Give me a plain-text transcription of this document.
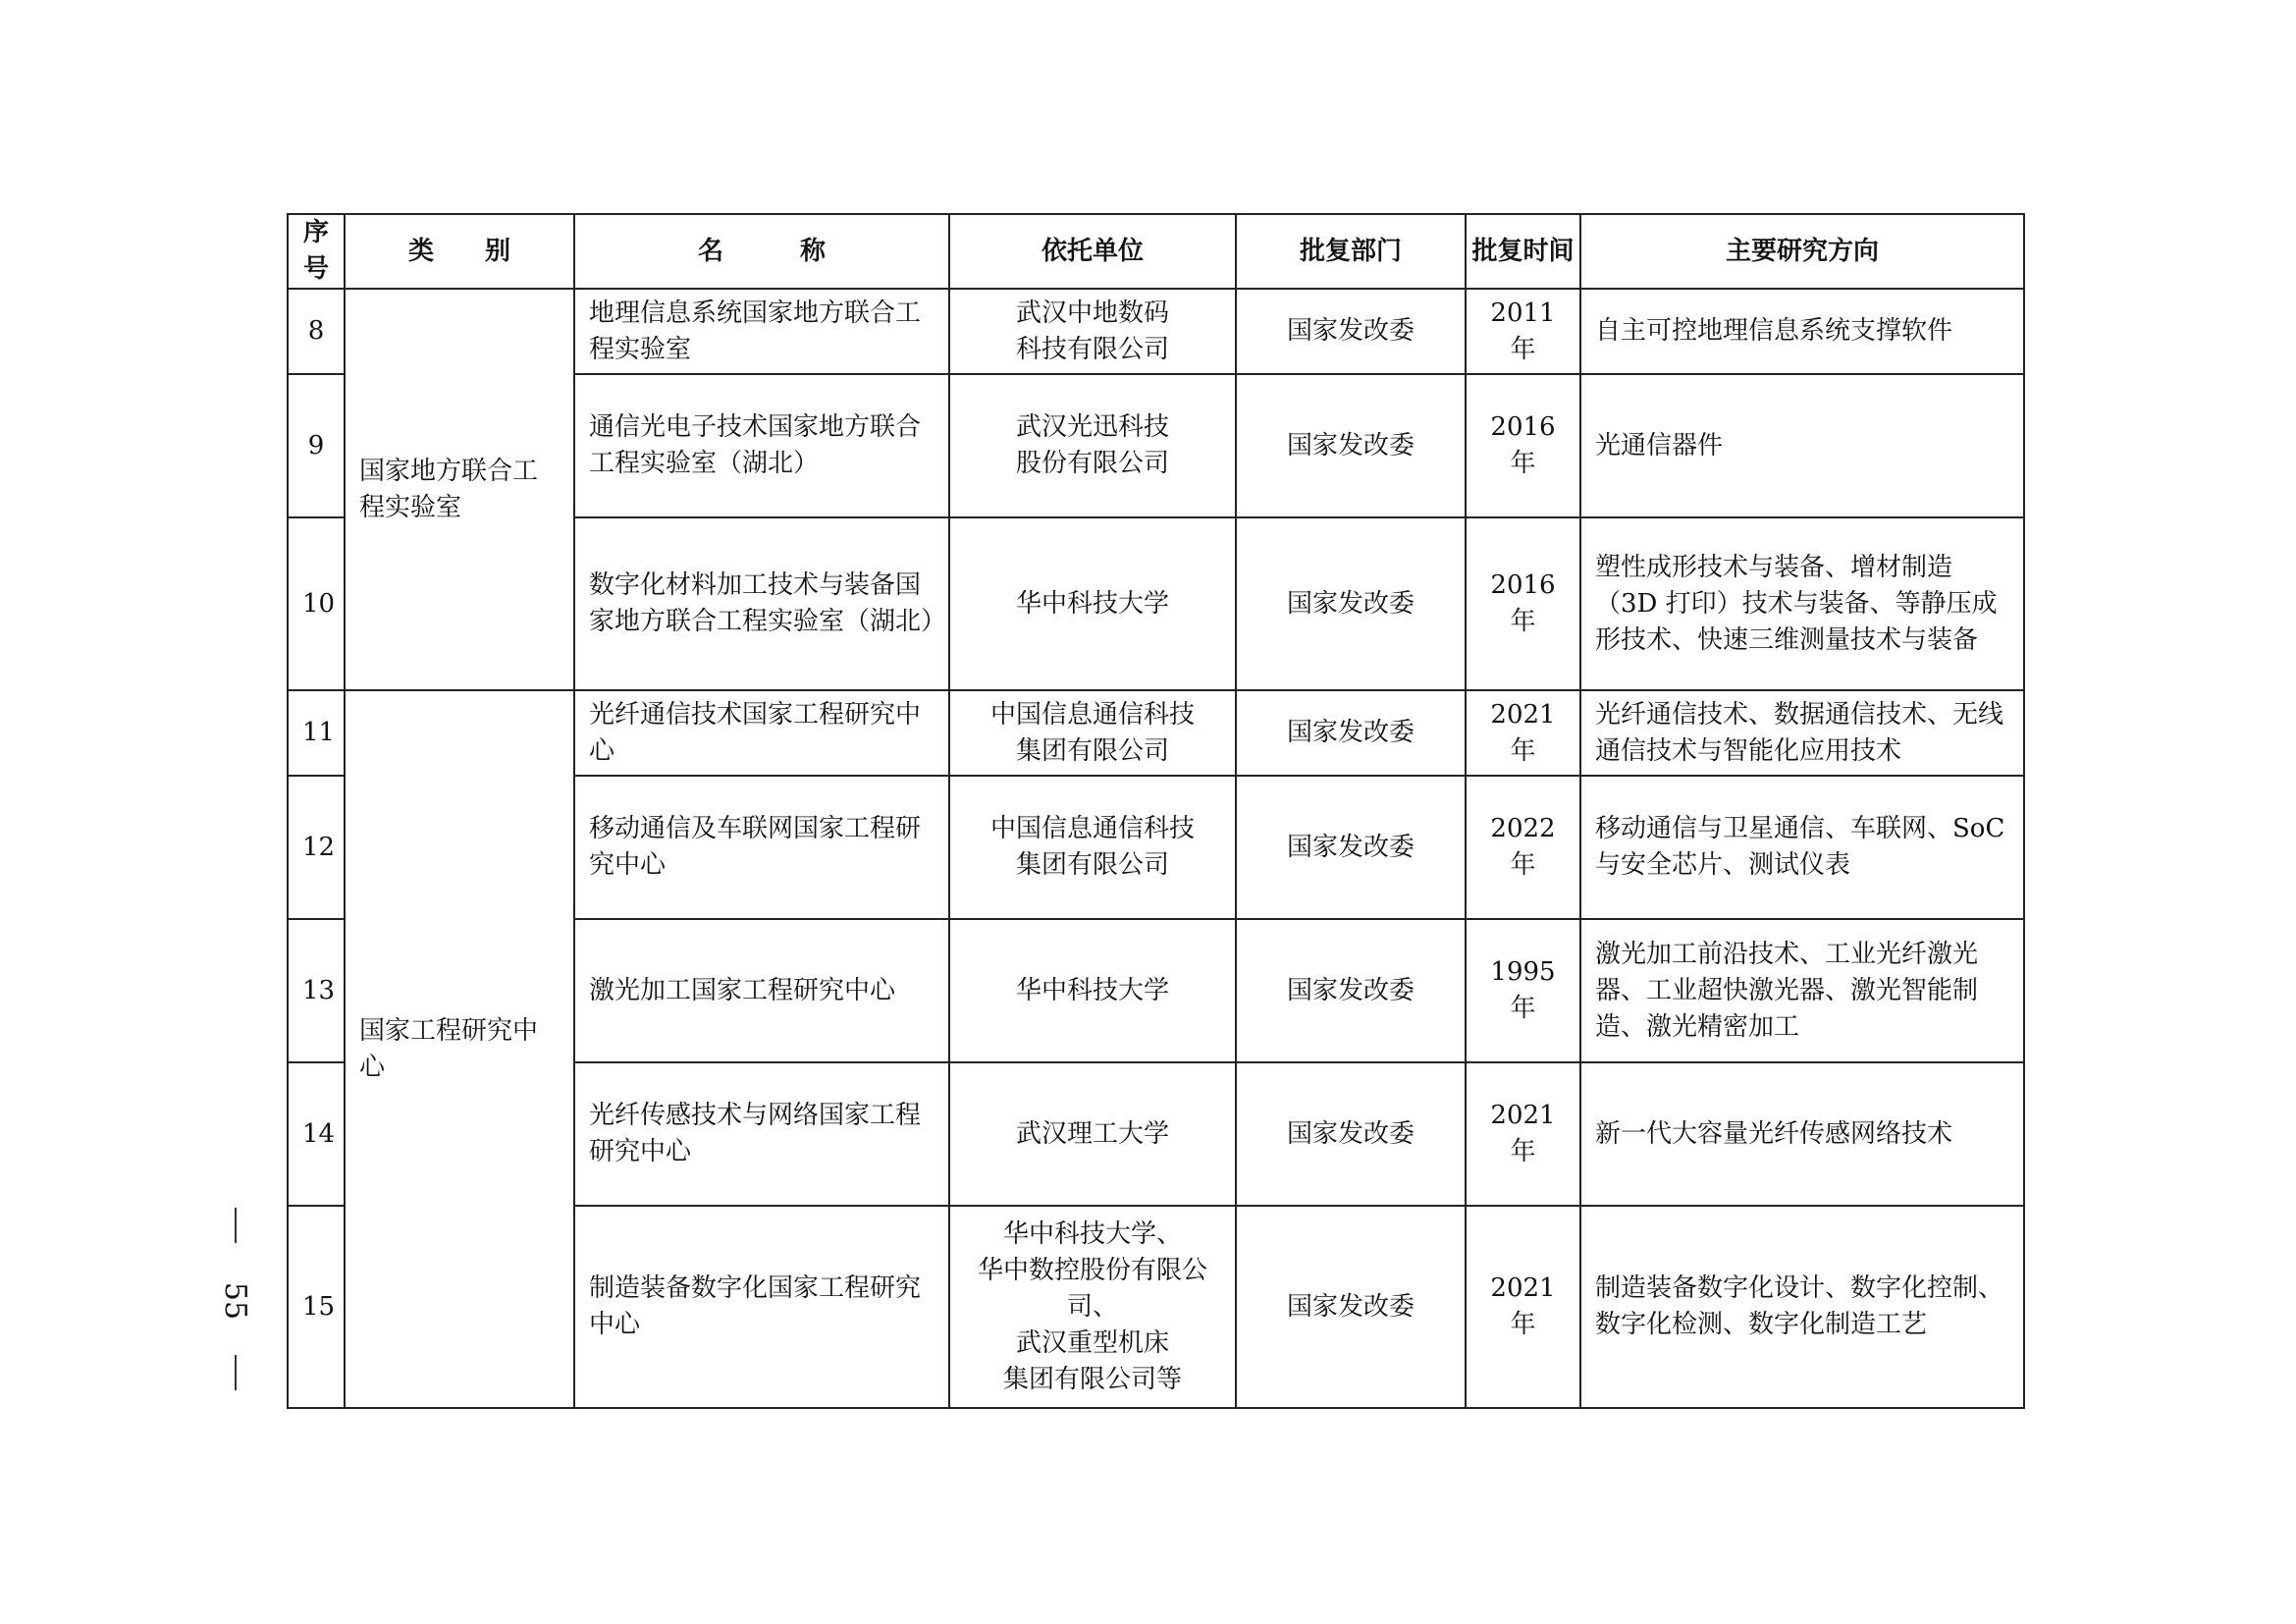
55
序号	类　　别	名　　　称	依托单位	批复部门	批复时间	主要研究方向
8	国家地方联合工程实验室	地理信息系统国家地方联合工程实验室	武汉中地数码
科技有限公司	国家发改委	2011 年	自主可控地理信息系统支撑软件
9		通信光电子技术国家地方联合工程实验室（湖北）	武汉光迅科技
股份有限公司	国家发改委	2016 年	光通信器件
10		数字化材料加工技术与装备国家地方联合工程实验室（湖北）	华中科技大学	国家发改委	2016 年	塑性成形技术与装备、增材制造（3D 打印）技术与装备、等静压成形技术、快速三维测量技术与装备
11	国家工程研究中心	光纤通信技术国家工程研究中心	中国信息通信科技
集团有限公司	国家发改委	2021 年	光纤通信技术、数据通信技术、无线通信技术与智能化应用技术
12		移动通信及车联网国家工程研究中心	中国信息通信科技
集团有限公司	国家发改委	2022 年	移动通信与卫星通信、车联网、SoC 与安全芯片、测试仪表
13		激光加工国家工程研究中心	华中科技大学	国家发改委	1995 年	激光加工前沿技术、工业光纤激光器、工业超快激光器、激光智能制造、激光精密加工
14		光纤传感技术与网络国家工程研究中心	武汉理工大学	国家发改委	2021 年	新一代大容量光纤传感网络技术
15		制造装备数字化国家工程研究中心	华中科技大学、
华中数控股份有限公司、
武汉重型机床
集团有限公司等	国家发改委	2021 年	制造装备数字化设计、数字化控制、数字化检测、数字化制造工艺
